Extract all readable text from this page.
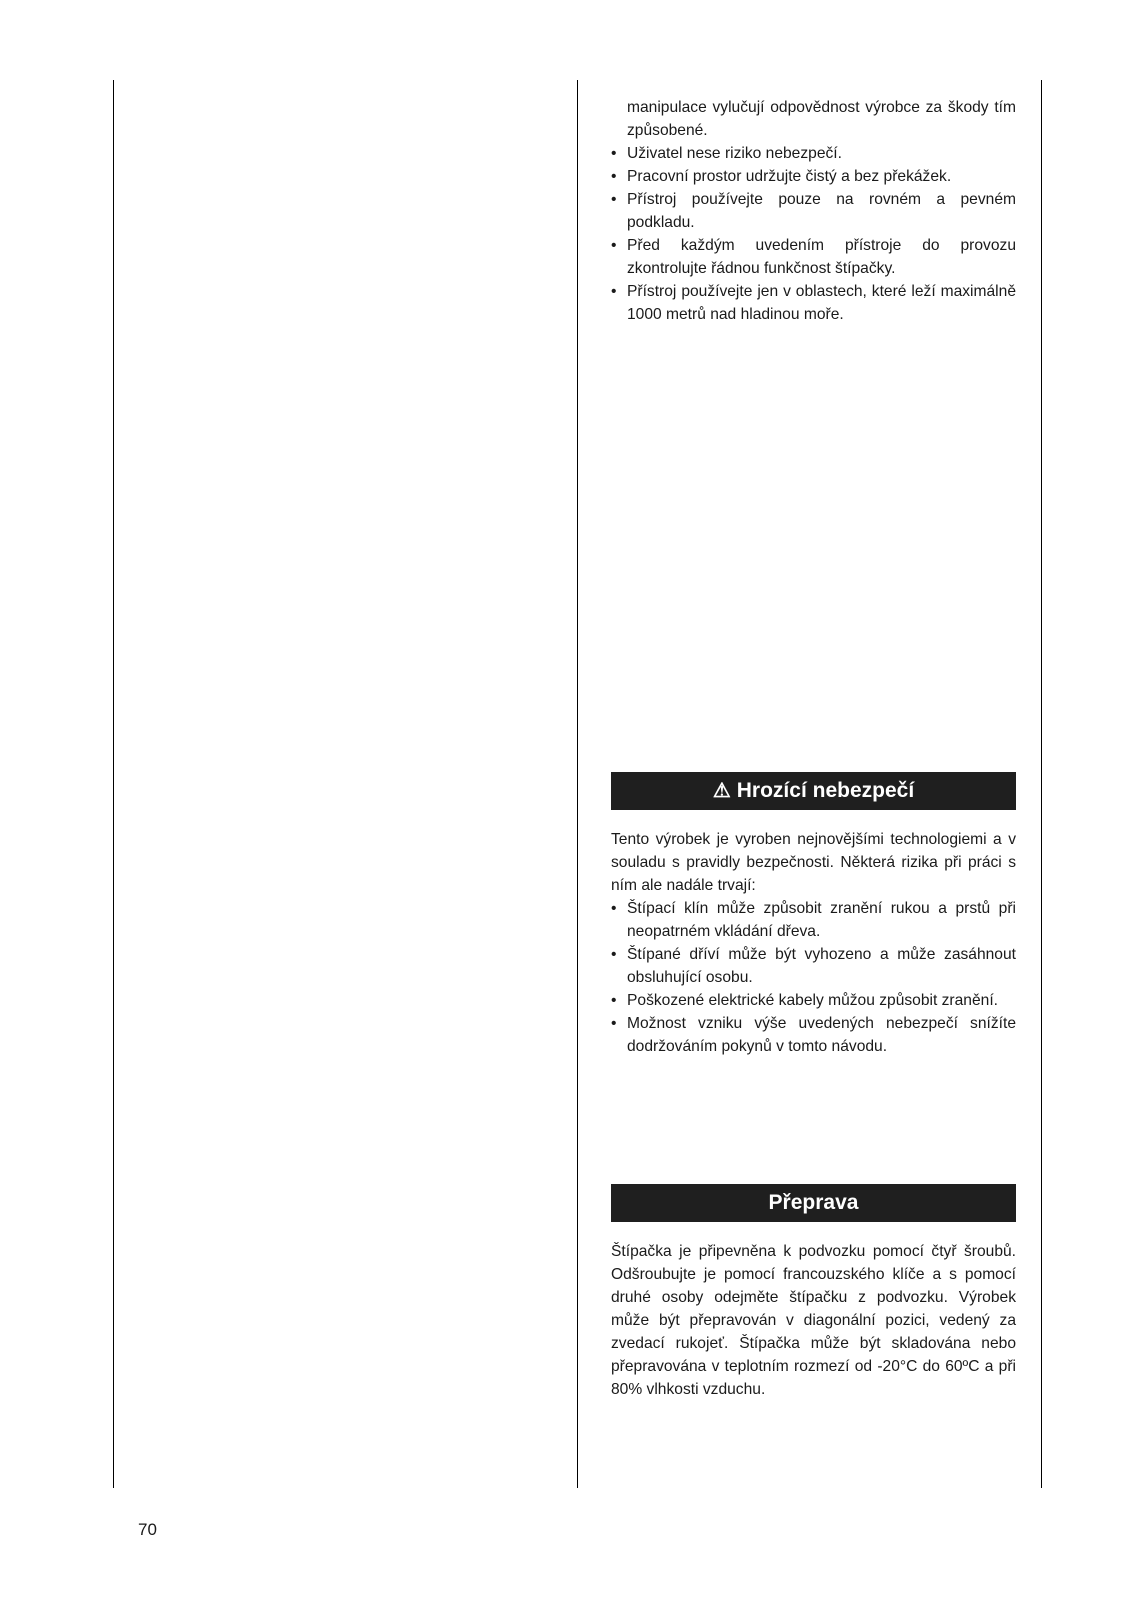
manipulace vylučují odpovědnost výrobce za škody tím způsobené.

• Uživatel nese riziko nebezpečí.
• Pracovní prostor udržujte čistý a bez překážek.
• Přístroj používejte pouze na rovném a pevném podkladu.
• Před každým uvedením přístroje do provozu zkontrolujte řádnou funkčnost štípačky.
• Přístroj používejte jen v oblastech, které leží maximálně 1000 metrů nad hladinou moře.
⚠ Hrozící nebezpečí

Tento výrobek je vyroben nejnovějšími technologiemi a v souladu s pravidly bezpečnosti. Některá rizika při práci s ním ale nadále trvají:

• Štípací klín může způsobit zranění rukou a prstů při neopatrném vkládání dřeva.
• Štípané dříví může být vyhozeno a může zasáhnout obsluhující osobu.
• Poškozené elektrické kabely můžou způsobit zranění.
• Možnost vzniku výše uvedených nebezpečí snížíte dodržováním pokynů v tomto návodu.
Přeprava

Štípačka je připevněna k podvozku pomocí čtyř šroubů. Odšroubujte je pomocí francouzského klíče a s pomocí druhé osoby odejměte štípačku z podvozku. Výrobek může být přepravován v diagonální pozici, vedený za zvedací rukojeť. Štípačka může být skladována nebo přepravována v teplotním rozmezí od -20°C do 60ºC a při 80% vlhkosti vzduchu.

70
